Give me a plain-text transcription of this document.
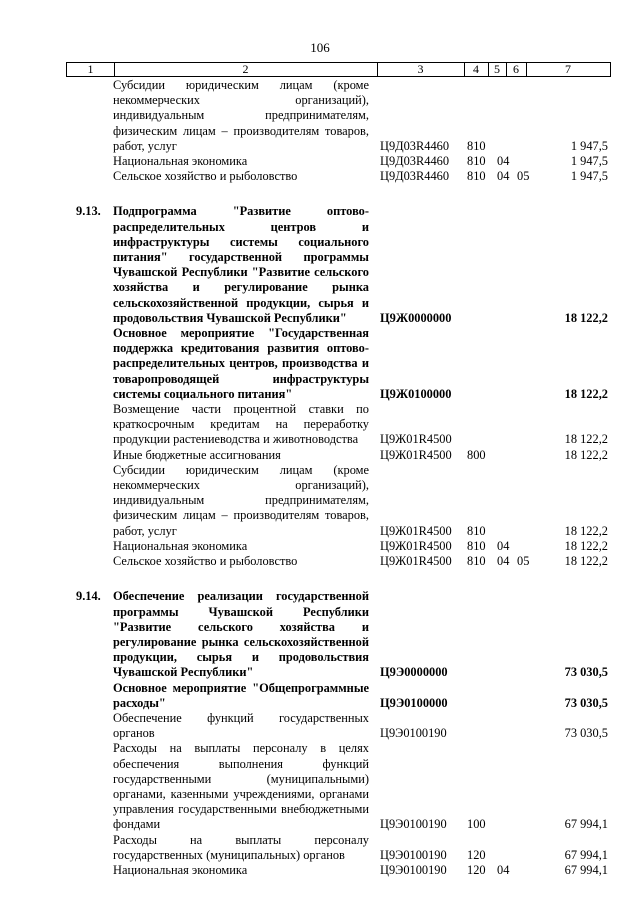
106
1	2	3	4	5	6	7
Субсидии юридическим лицам (кроме некоммерческих организаций), индивидуальным предпринимателям, физическим лицам – производителям товаров, работ, услуг	Ц9Д03R4460 810	1 947,5
Национальная экономика	Ц9Д03R4460 810 04	1 947,5
Сельское хозяйство и рыболовство	Ц9Д03R4460 810 04 05	1 947,5
9.13. Подпрограмма "Развитие оптово-распределительных центров и инфраструктуры системы социального питания" государственной программы Чувашской Республики "Развитие сельского хозяйства и регулирование рынка сельскохозяйственной продукции, сырья и продовольствия Чувашской Республики"	Ц9Ж0000000	18 122,2
Основное мероприятие "Государственная поддержка кредитования развития оптово-распределительных центров, производства и товаропроводящей инфраструктуры системы социального питания"	Ц9Ж0100000	18 122,2
Возмещение части процентной ставки по краткосрочным кредитам на переработку продукции растениеводства и животноводства	Ц9Ж01R4500	18 122,2
Иные бюджетные ассигнования	Ц9Ж01R4500 800	18 122,2
Субсидии юридическим лицам (кроме некоммерческих организаций), индивидуальным предпринимателям, физическим лицам – производителям товаров, работ, услуг	Ц9Ж01R4500 810	18 122,2
Национальная экономика	Ц9Ж01R4500 810 04	18 122,2
Сельское хозяйство и рыболовство	Ц9Ж01R4500 810 04 05	18 122,2
9.14. Обеспечение реализации государственной программы Чувашской Республики "Развитие сельского хозяйства и регулирование рынка сельскохозяйственной продукции, сырья и продовольствия Чувашской Республики"	Ц9Э0000000	73 030,5
Основное мероприятие "Общепрограммные расходы"	Ц9Э0100000	73 030,5
Обеспечение функций государственных органов	Ц9Э0100190	73 030,5
Расходы на выплаты персоналу в целях обеспечения выполнения функций государственными (муниципальными) органами, казенными учреждениями, органами управления государственными внебюджетными фондами	Ц9Э0100190 100	67 994,1
Расходы на выплаты персоналу государственных (муниципальных) органов	Ц9Э0100190 120	67 994,1
Национальная экономика	Ц9Э0100190 120 04	67 994,1
